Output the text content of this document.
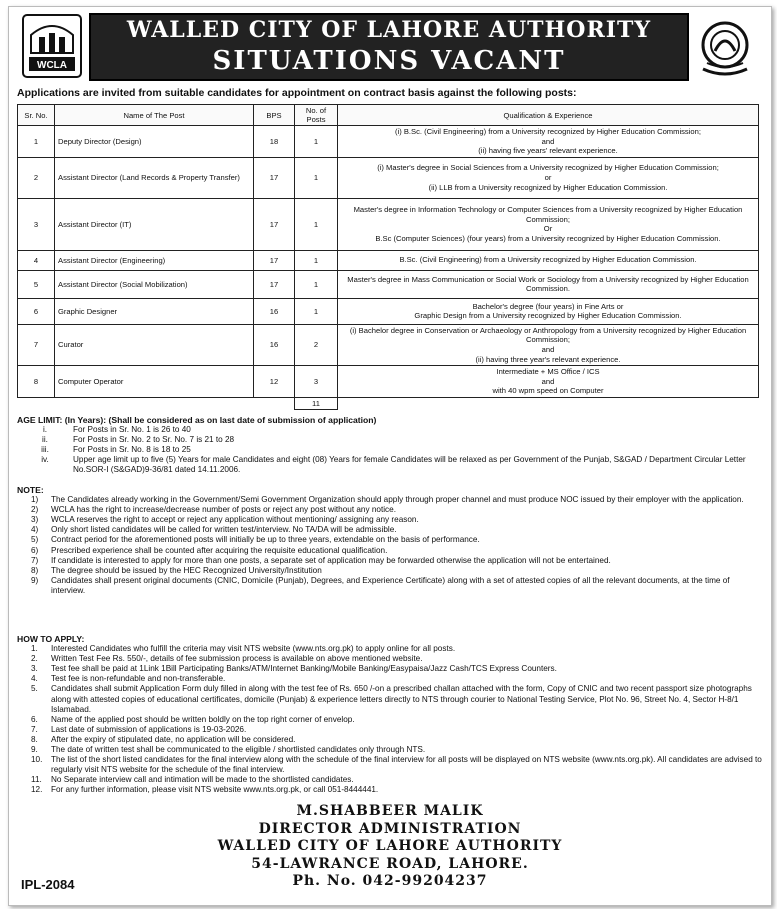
WCLA
WALLED CITY OF LAHORE AUTHORITY
SITUATIONS VACANT
Applications are invited from suitable candidates for appointment on contract basis against the following posts:
Sr. No.	Name of The Post	BPS	No. of Posts	Qualification & Experience
1	Deputy Director (Design)	18	1	(i) B.Sc. (Civil Engineering) from a University recognized by Higher Education Commission;
and
(ii) having five years' relevant experience.

2	Assistant Director (Land Records & Property Transfer)	17	1	(i) Master's degree in Social Sciences from a University recognized by Higher Education Commission;
or
(ii) LLB from a University recognized by Higher Education Commission.

3	Assistant Director (IT)	17	1	Master's degree in Information Technology or Computer Sciences from a University recognized by Higher Education Commission;
Or
B.Sc (Computer Sciences) (four years) from a University recognized by Higher Education Commission.

4	Assistant Director (Engineering)	17	1	B.Sc. (Civil Engineering) from a University recognized by Higher Education Commission.

5	Assistant Director (Social Mobilization)	17	1	Master's degree in Mass Communication or Social Work or Sociology from a University recognized by Higher Education Commission.

6	Graphic Designer	16	1	Bachelor's degree (four years) in Fine Arts or
Graphic Design from a University recognized by Higher Education Commission.

7	Curator	16	2	(i) Bachelor degree in Conservation or Archaeology or Anthropology from a University recognized by Higher Education Commission;
and
(ii) having three year's relevant experience.

8	Computer Operator	12	3	Intermediate + MS Office / ICS
and
with 40 wpm speed on Computer

			11	
AGE LIMIT: (In Years): (Shall be considered as on last date of submission of application)
i.	For Posts in Sr. No. 1 is 26 to 40
ii.	For Posts in Sr. No. 2 to Sr. No. 7 is 21 to 28
iii.	For Posts in Sr. No. 8 is 18 to 25
iv.	Upper age limit up to five (5) Years for male Candidates and eight (08) Years for female Candidates will be relaxed as per Government of the Punjab, S&GAD / Department Circular Letter No.SOR-I (S&GAD)9-36/81 dated 14.11.2006.
NOTE:
1)	The Candidates already working in the Government/Semi Government Organization should apply through proper channel and must produce NOC issued by their employer with the application.
2)	WCLA has the right to increase/decrease number of posts or reject any post without any notice.
3)	WCLA reserves the right to accept or reject any application without mentioning/ assigning any reason.
4)	Only short listed candidates will be called for written test/interview. No TA/DA will be admissible.
5)	Contract period for the aforementioned posts will initially be up to three years, extendable on the basis of performance.
6)	Prescribed experience shall be counted after acquiring the requisite educational qualification.
7)	If candidate is interested to apply for more than one posts, a separate set of application may be forwarded otherwise the application will not be entertained.
8)	The degree should be issued by the HEC Recognized University/Institution
9)	Candidates shall present original documents (CNIC, Domicile (Punjab), Degrees, and Experience Certificate) along with a set of attested copies of all the relevant documents, at the time of interview.
HOW TO APPLY:
1.	Interested Candidates who fulfill the criteria may visit NTS website (www.nts.org.pk) to apply online for all posts.
2.	Written Test Fee Rs. 550/-, details of fee submission process is available on above mentioned website.
3.	Test fee shall be paid at 1Link 1Bill Participating Banks/ATM/Internet Banking/Mobile Banking/Easypaisa/Jazz Cash/TCS Express Counters.
4.	Test fee is non-refundable and non-transferable.
5.	Candidates shall submit Application Form duly filled in along with the test fee of Rs. 650 /-on a prescribed challan attached with the form, Copy of CNIC and two recent passport size photographs along with attested copies of educational certificates, domicile (Punjab) & experience letters directly to NTS through courier to National Testing Service, Plot No. 96, Street No. 4, Sector H-8/1 Islamabad.
6.	Name of the applied post should be written boldly on the top right corner of envelop.
7.	Last date of submission of applications is 19-03-2026.
8.	After the expiry of stipulated date, no application will be considered.
9.	The date of written test shall be communicated to the eligible / shortlisted candidates only through NTS.
10.	The list of the short listed candidates for the final interview along with the schedule of the final interview for all posts will be displayed on NTS website (www.nts.org.pk). All candidates are advised to regularly visit NTS website for the schedule of the final interview.
11.	No Separate interview call and intimation will be made to the shortlisted candidates.
12.	For any further information, please visit NTS website www.nts.org.pk, or call 051-8444441.
M.SHABBEER MALIK
DIRECTOR ADMINISTRATION
WALLED CITY OF LAHORE AUTHORITY
54-LAWRANCE ROAD, LAHORE.
Ph. No. 042-99204237
IPL-2084
